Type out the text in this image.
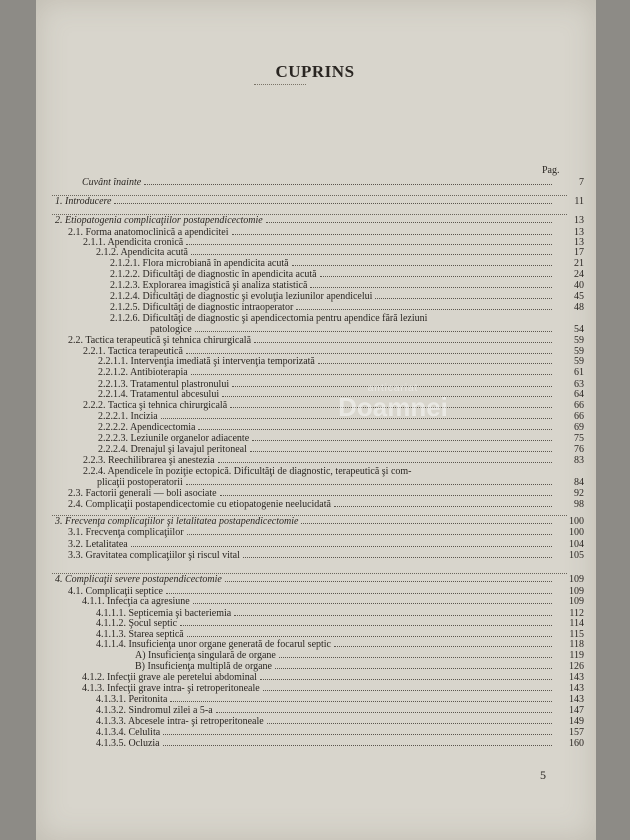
CUPRINS
Pag.
Cuvânt înainte	7
1. Introducere	11
2. Etiopatogenia complicaţiilor postapendicectomie	13
2.1. Forma anatomoclinică a apendicitei	13
2.1.1. Apendicita cronică	13
2.1.2. Apendicita acută	17
2.1.2.1. Flora microbiană în apendicita acută	21
2.1.2.2. Dificultăţi de diagnostic în apendicita acută	24
2.1.2.3. Explorarea imagistică şi analiza statistică	40
2.1.2.4. Dificultăţi de diagnostic şi evoluţia leziunilor apendicelui	45
2.1.2.5. Dificultăţi de diagnostic intraoperator	48
2.1.2.6. Dificultăţi de diagnostic şi apendicectomia pentru apendice fără leziuni
patologice	54
2.2. Tactica terapeutică şi tehnica chirurgicală	59
2.2.1. Tactica terapeutică	59
2.2.1.1. Intervenţia imediată şi intervenţia temporizată	59
2.2.1.2. Antibioterapia	61
2.2.1.3. Tratamentul plastronului	63
2.2.1.4. Tratamentul abcesului	64
2.2.2. Tactica şi tehnica chirurgicală	66
2.2.2.1. Incizia	66
2.2.2.2. Apendicectomia	69
2.2.2.3. Leziunile organelor adiacente	75
2.2.2.4. Drenajul şi lavajul peritoneal	76
2.2.3. Reechilibrarea şi anestezia	83
2.2.4. Apendicele în poziţie ectopică. Dificultăţi de diagnostic, terapeutică şi com-
plicaţii postoperatorii	84
2.3. Factorii generali — boli asociate	92
2.4. Complicaţii postapendicectomie cu etiopatogenie neelucidată	98
3. Frecvenţa complicaţiilor şi letalitatea postapendicectomie	100
3.1. Frecvenţa complicaţiilor	100
3.2. Letalitatea	104
3.3. Gravitatea complicaţiilor şi riscul vital	105
4. Complicaţii severe postapendicectomie	109
4.1. Complicaţii septice	109
4.1.1. Infecţia ca agresiune	109
4.1.1.1. Septicemia şi bacteriemia	112
4.1.1.2. Şocul septic	114
4.1.1.3. Starea septică	115
4.1.1.4. Insuficienţa unor organe generată de focarul septic	118
A) Insuficienţa singulară de organe	119
B) Insuficienţa multiplă de organe	126
4.1.2. Infecţii grave ale peretelui abdominal	143
4.1.3. Infecţii grave intra- şi retroperitoneale	143
4.1.3.1. Peritonita	143
4.1.3.2. Sindromul zilei a 5-a	147
4.1.3.3. Abcesele intra- şi retroperitoneale	149
4.1.3.4. Celulita	157
4.1.3.5. Ocluzia	160
anticariat
Doamnei
5
